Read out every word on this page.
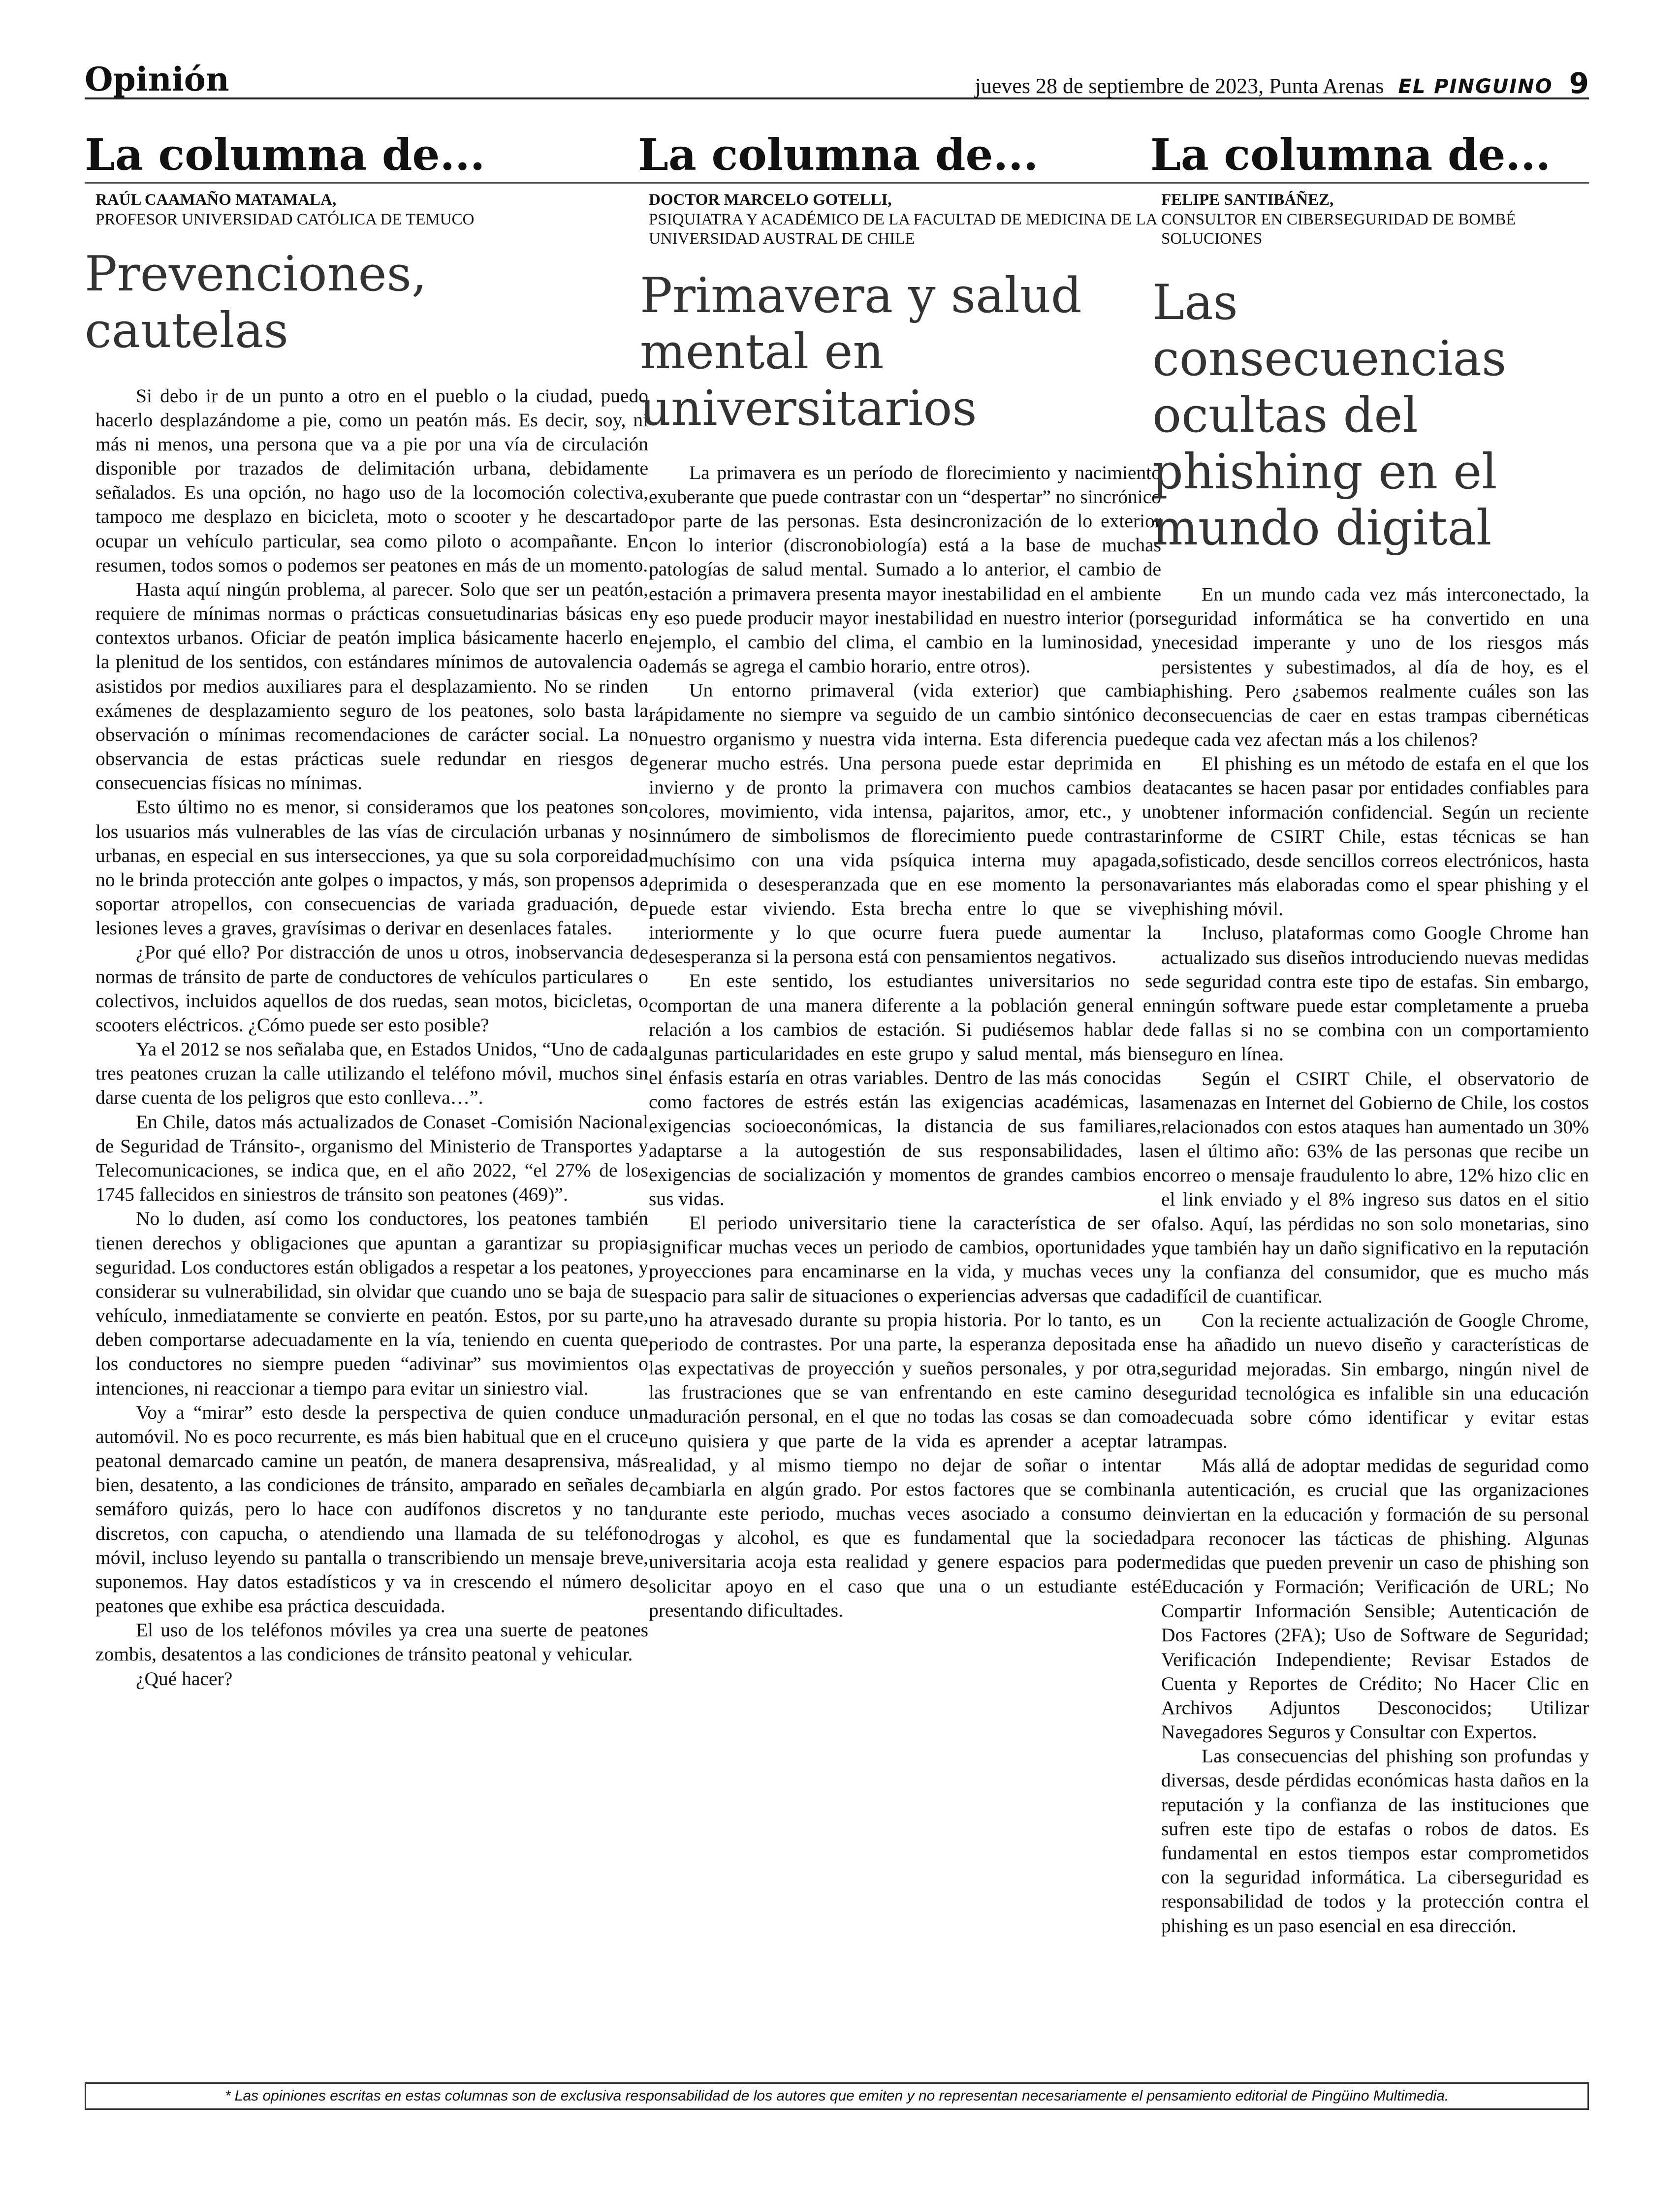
Opinión	jueves 28 de septiembre de 2023, Punta Arenas EL PINGUINO 9
La columna de...
RAÚL CAAMAÑO MATAMALA,
PROFESOR UNIVERSIDAD CATÓLICA DE TEMUCO
Prevenciones, cautelas

Si debo ir de un punto a otro en el pueblo o la ciudad, puedo hacerlo desplazándome a pie, como un peatón más. Es decir, soy, ni más ni menos, una persona que va a pie por una vía de circulación disponible por trazados de delimitación urbana, debidamente señalados. Es una opción, no hago uso de la locomoción colectiva, tampoco me desplazo en bicicleta, moto o scooter y he descartado ocupar un vehículo particular, sea como piloto o acompañante. En resumen, todos somos o podemos ser peatones en más de un momento.

Hasta aquí ningún problema, al parecer. Solo que ser un peatón, requiere de mínimas normas o prácticas consuetudinarias básicas en contextos urbanos. Oficiar de peatón implica básicamente hacerlo en la plenitud de los sentidos, con estándares mínimos de autovalencia o asistidos por medios auxiliares para el desplazamiento. No se rinden exámenes de desplazamiento seguro de los peatones, solo basta la observación o mínimas recomendaciones de carácter social. La no observancia de estas prácticas suele redundar en riesgos de consecuencias físicas no mínimas.

Esto último no es menor, si consideramos que los peatones son los usuarios más vulnerables de las vías de circulación urbanas y no urbanas, en especial en sus intersecciones, ya que su sola corporeidad no le brinda protección ante golpes o impactos, y más, son propensos a soportar atropellos, con consecuencias de variada graduación, de lesiones leves a graves, gravísimas o derivar en desenlaces fatales.

¿Por qué ello? Por distracción de unos u otros, inobservancia de normas de tránsito de parte de conductores de vehículos particulares o colectivos, incluidos aquellos de dos ruedas, sean motos, bicicletas, o scooters eléctricos. ¿Cómo puede ser esto posible?

Ya el 2012 se nos señalaba que, en Estados Unidos, “Uno de cada tres peatones cruzan la calle utilizando el teléfono móvil, muchos sin darse cuenta de los peligros que esto conlleva…”.

En Chile, datos más actualizados de Conaset -Comisión Nacional de Seguridad de Tránsito-, organismo del Ministerio de Transportes y Telecomunicaciones, se indica que, en el año 2022, “el 27% de los 1745 fallecidos en siniestros de tránsito son peatones (469)”.

No lo duden, así como los conductores, los peatones también tienen derechos y obligaciones que apuntan a garantizar su propia seguridad. Los conductores están obligados a respetar a los peatones, y considerar su vulnerabilidad, sin olvidar que cuando uno se baja de su vehículo, inmediatamente se convierte en peatón. Estos, por su parte, deben comportarse adecuadamente en la vía, teniendo en cuenta que los conductores no siempre pueden “adivinar” sus movimientos o intenciones, ni reaccionar a tiempo para evitar un siniestro vial.

Voy a “mirar” esto desde la perspectiva de quien conduce un automóvil. No es poco recurrente, es más bien habitual que en el cruce peatonal demarcado camine un peatón, de manera desaprensiva, más bien, desatento, a las condiciones de tránsito, amparado en señales de semáforo quizás, pero lo hace con audífonos discretos y no tan discretos, con capucha, o atendiendo una llamada de su teléfono móvil, incluso leyendo su pantalla o transcribiendo un mensaje breve, suponemos. Hay datos estadísticos y va in crescendo el número de peatones que exhibe esa práctica descuidada.

El uso de los teléfonos móviles ya crea una suerte de peatones zombis, desatentos a las condiciones de tránsito peatonal y vehicular.

¿Qué hacer?

La columna de...
DOCTOR MARCELO GOTELLI,
PSIQUIATRA Y ACADÉMICO DE LA FACULTAD DE MEDICINA DE LA UNIVERSIDAD AUSTRAL DE CHILE
Primavera y salud mental en universitarios

La primavera es un período de florecimiento y nacimiento exuberante que puede contrastar con un “despertar” no sincrónico por parte de las personas. Esta desincronización de lo exterior con lo interior (discronobiología) está a la base de muchas patologías de salud mental. Sumado a lo anterior, el cambio de estación a primavera presenta mayor inestabilidad en el ambiente y eso puede producir mayor inestabilidad en nuestro interior (por ejemplo, el cambio del clima, el cambio en la luminosidad, y además se agrega el cambio horario, entre otros).

Un entorno primaveral (vida exterior) que cambia rápidamente no siempre va seguido de un cambio sintónico de nuestro organismo y nuestra vida interna. Esta diferencia puede generar mucho estrés. Una persona puede estar deprimida en invierno y de pronto la primavera con muchos cambios de colores, movimiento, vida intensa, pajaritos, amor, etc., y un sinnúmero de simbolismos de florecimiento puede contrastar muchísimo con una vida psíquica interna muy apagada, deprimida o desesperanzada que en ese momento la persona puede estar viviendo. Esta brecha entre lo que se vive interiormente y lo que ocurre fuera puede aumentar la desesperanza si la persona está con pensamientos negativos.

En este sentido, los estudiantes universitarios no se comportan de una manera diferente a la población general en relación a los cambios de estación. Si pudiésemos hablar de algunas particularidades en este grupo y salud mental, más bien el énfasis estaría en otras variables. Dentro de las más conocidas como factores de estrés están las exigencias académicas, las exigencias socioeconómicas, la distancia de sus familiares, adaptarse a la autogestión de sus responsabilidades, las exigencias de socialización y momentos de grandes cambios en sus vidas.

El periodo universitario tiene la característica de ser o significar muchas veces un periodo de cambios, oportunidades y proyecciones para encaminarse en la vida, y muchas veces un espacio para salir de situaciones o experiencias adversas que cada uno ha atravesado durante su propia historia. Por lo tanto, es un periodo de contrastes. Por una parte, la esperanza depositada en las expectativas de proyección y sueños personales, y por otra, las frustraciones que se van enfrentando en este camino de maduración personal, en el que no todas las cosas se dan como uno quisiera y que parte de la vida es aprender a aceptar la realidad, y al mismo tiempo no dejar de soñar o intentar cambiarla en algún grado. Por estos factores que se combinan durante este periodo, muchas veces asociado a consumo de drogas y alcohol, es que es fundamental que la sociedad universitaria acoja esta realidad y genere espacios para poder solicitar apoyo en el caso que una o un estudiante esté presentando dificultades.

La columna de...
FELIPE SANTIBÁÑEZ,
CONSULTOR EN CIBERSEGURIDAD DE BOMBÉ SOLUCIONES
Las consecuencias ocultas del phishing en el mundo digital

En un mundo cada vez más interconectado, la seguridad informática se ha convertido en una necesidad imperante y uno de los riesgos más persistentes y subestimados, al día de hoy, es el phishing. Pero ¿sabemos realmente cuáles son las consecuencias de caer en estas trampas cibernéticas que cada vez afectan más a los chilenos?

El phishing es un método de estafa en el que los atacantes se hacen pasar por entidades confiables para obtener información confidencial. Según un reciente informe de CSIRT Chile, estas técnicas se han sofisticado, desde sencillos correos electrónicos, hasta variantes más elaboradas como el spear phishing y el phishing móvil.

Incluso, plataformas como Google Chrome han actualizado sus diseños introduciendo nuevas medidas de seguridad contra este tipo de estafas. Sin embargo, ningún software puede estar completamente a prueba de fallas si no se combina con un comportamiento seguro en línea.

Según el CSIRT Chile, el observatorio de amenazas en Internet del Gobierno de Chile, los costos relacionados con estos ataques han aumentado un 30% en el último año: 63% de las personas que recibe un correo o mensaje fraudulento lo abre, 12% hizo clic en el link enviado y el 8% ingreso sus datos en el sitio falso. Aquí, las pérdidas no son solo monetarias, sino que también hay un daño significativo en la reputación y la confianza del consumidor, que es mucho más difícil de cuantificar.

Con la reciente actualización de Google Chrome, se ha añadido un nuevo diseño y características de seguridad mejoradas. Sin embargo, ningún nivel de seguridad tecnológica es infalible sin una educación adecuada sobre cómo identificar y evitar estas trampas.

Más allá de adoptar medidas de seguridad como la autenticación, es crucial que las organizaciones inviertan en la educación y formación de su personal para reconocer las tácticas de phishing. Algunas medidas que pueden prevenir un caso de phishing son Educación y Formación; Verificación de URL; No Compartir Información Sensible; Autenticación de Dos Factores (2FA); Uso de Software de Seguridad; Verificación Independiente; Revisar Estados de Cuenta y Reportes de Crédito; No Hacer Clic en Archivos Adjuntos Desconocidos; Utilizar Navegadores Seguros y Consultar con Expertos.

Las consecuencias del phishing son profundas y diversas, desde pérdidas económicas hasta daños en la reputación y la confianza de las instituciones que sufren este tipo de estafas o robos de datos. Es fundamental en estos tiempos estar comprometidos con la seguridad informática. La ciberseguridad es responsabilidad de todos y la protección contra el phishing es un paso esencial en esa dirección.

* Las opiniones escritas en estas columnas son de exclusiva responsabilidad de los autores que emiten y no representan necesariamente el pensamiento editorial de Pingüino Multimedia.
